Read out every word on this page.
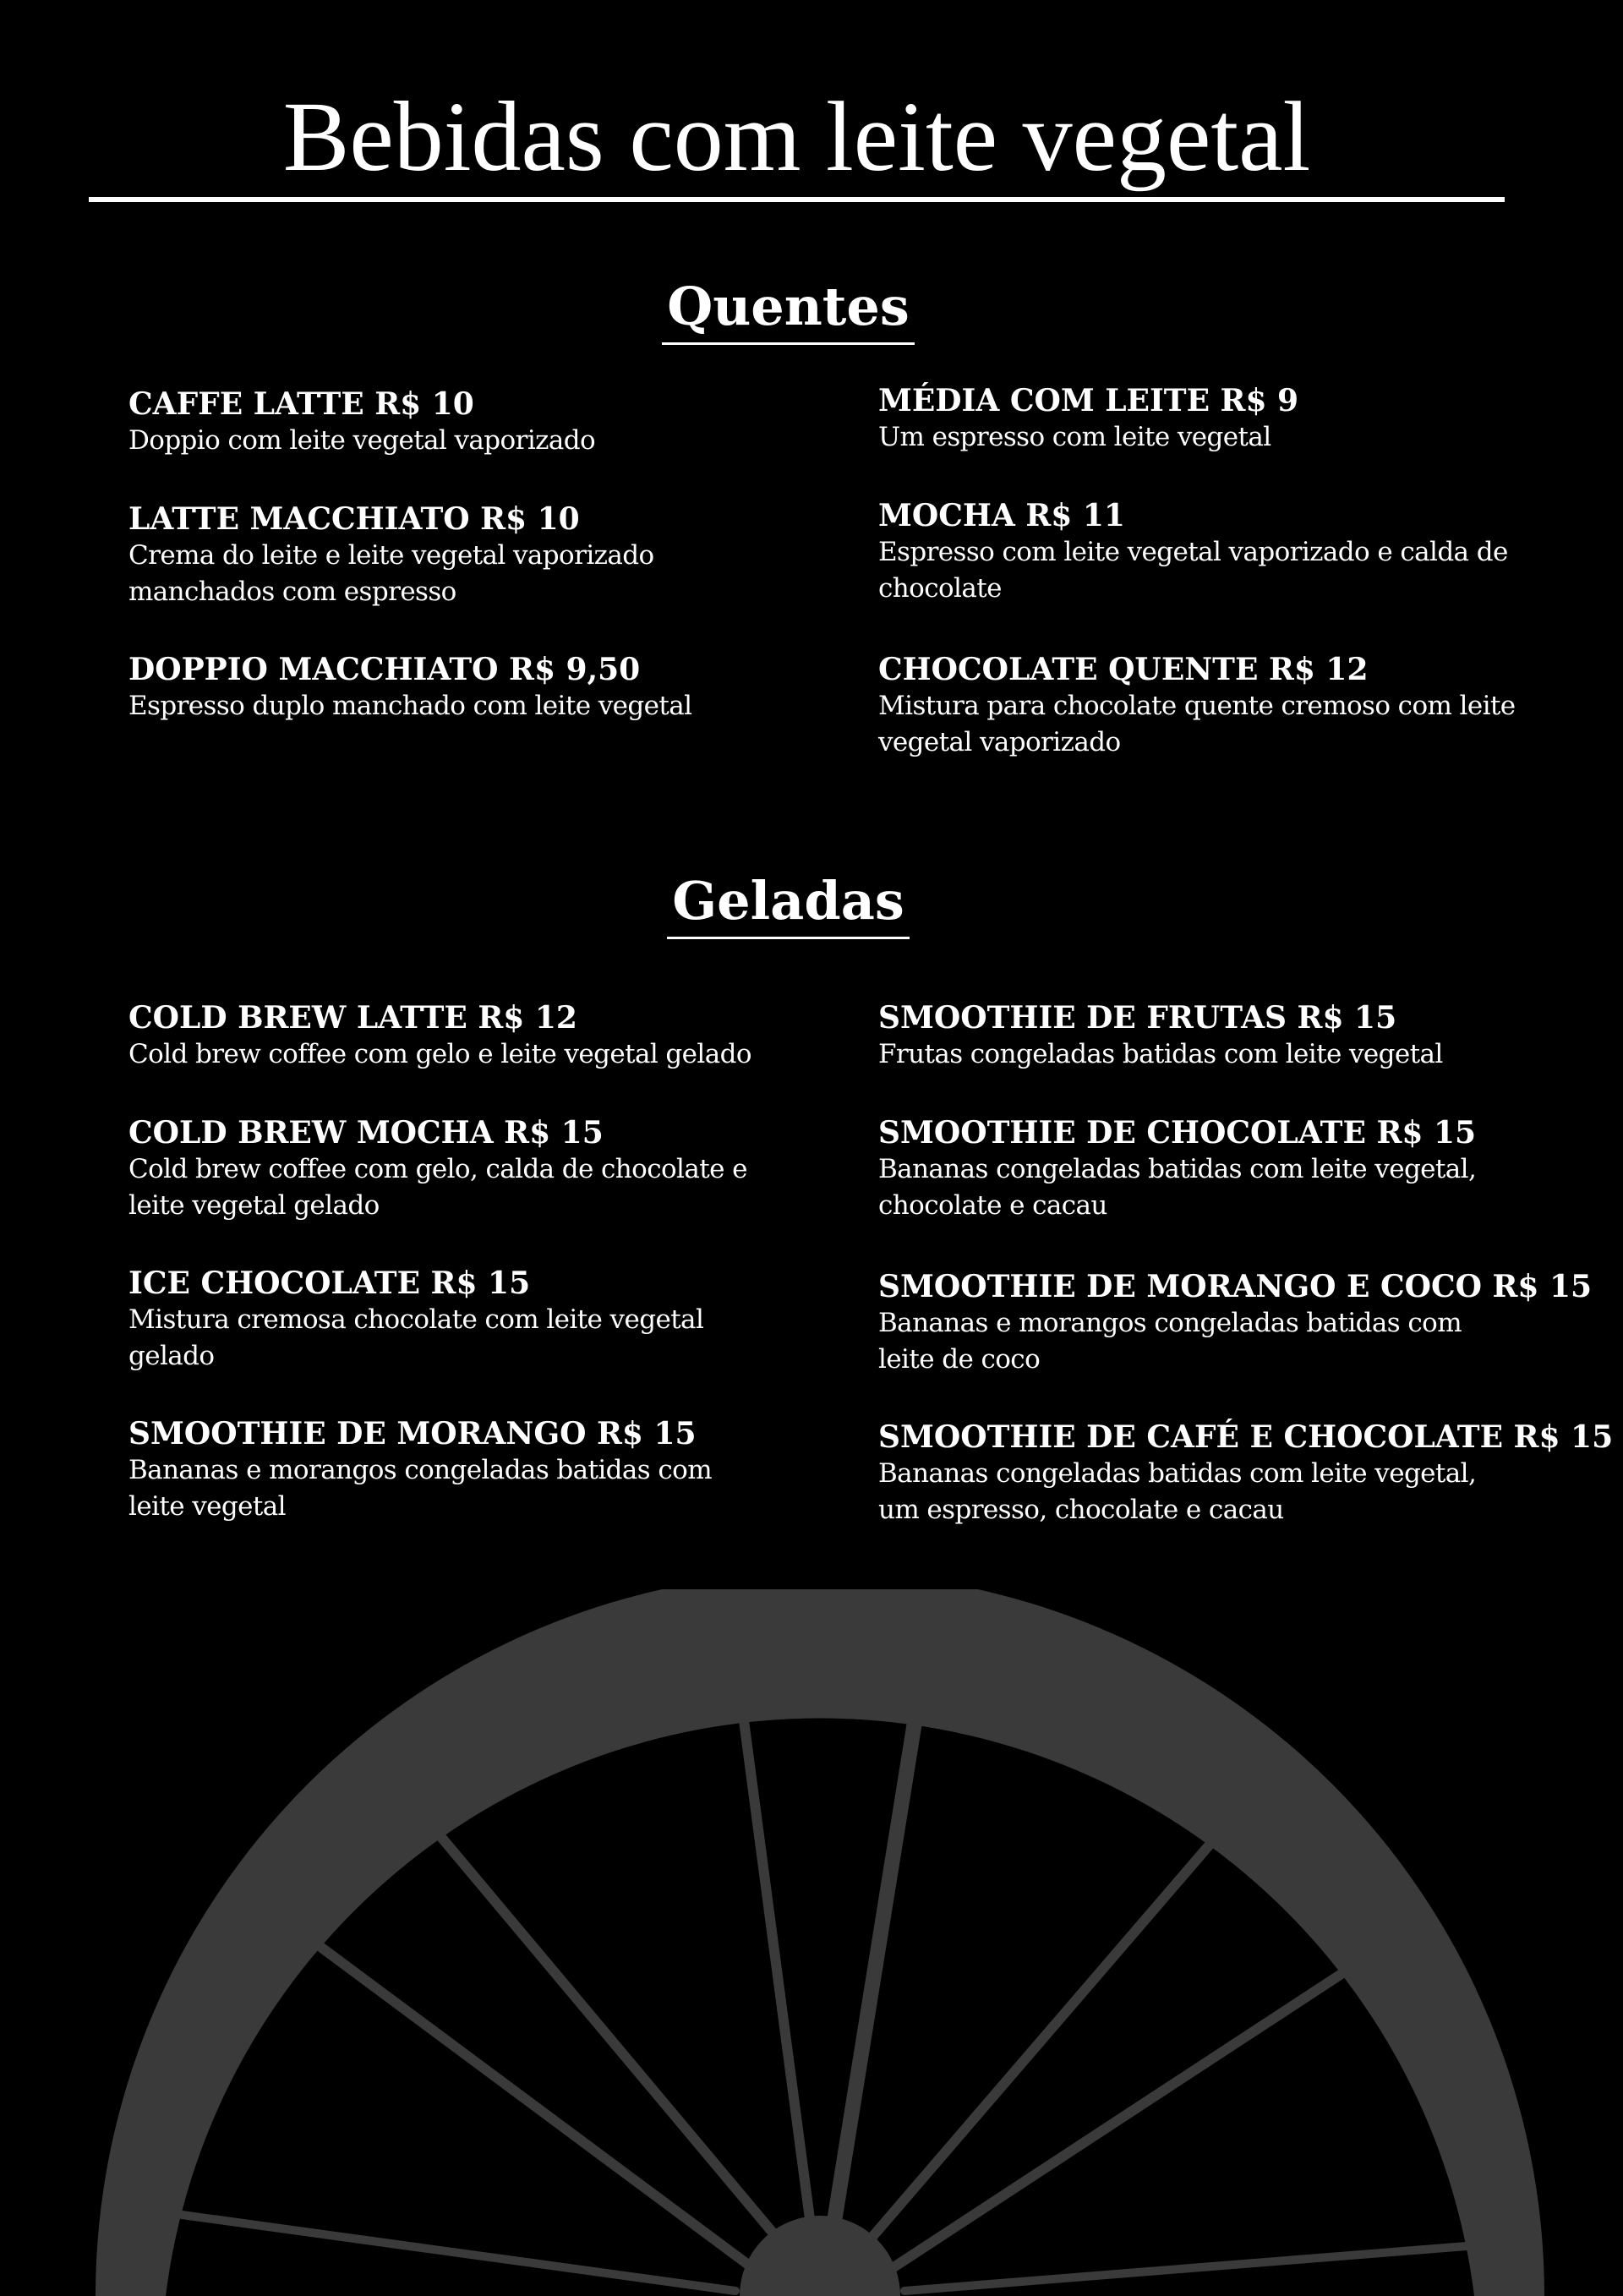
Bebidas com leite vegetal
Quentes
CAFFE LATTE R$ 10
Doppio com leite vegetal vaporizado
LATTE MACCHIATO R$ 10
Crema do leite e leite vegetal vaporizado manchados com espresso
DOPPIO MACCHIATO R$ 9,50
Espresso duplo manchado com leite vegetal
MÉDIA COM LEITE R$ 9
Um espresso com leite vegetal
MOCHA R$ 11
Espresso com leite vegetal vaporizado e calda de chocolate
CHOCOLATE QUENTE R$ 12
Mistura para chocolate quente cremoso com leite vegetal vaporizado
Geladas
COLD BREW LATTE R$ 12
Cold brew coffee com gelo e leite vegetal gelado
COLD BREW MOCHA R$ 15
Cold brew coffee com gelo, calda de chocolate e leite vegetal gelado
ICE CHOCOLATE R$ 15
Mistura cremosa chocolate com leite vegetal gelado
SMOOTHIE DE MORANGO R$ 15
Bananas e morangos congeladas batidas com leite vegetal
SMOOTHIE DE FRUTAS R$ 15
Frutas congeladas batidas com leite vegetal
SMOOTHIE DE CHOCOLATE R$ 15
Bananas congeladas batidas com leite vegetal, chocolate e cacau
SMOOTHIE DE MORANGO E COCO R$ 15
Bananas e morangos congeladas batidas com leite de coco
SMOOTHIE DE CAFÉ E CHOCOLATE R$ 15
Bananas congeladas batidas com leite vegetal, um espresso, chocolate e cacau
